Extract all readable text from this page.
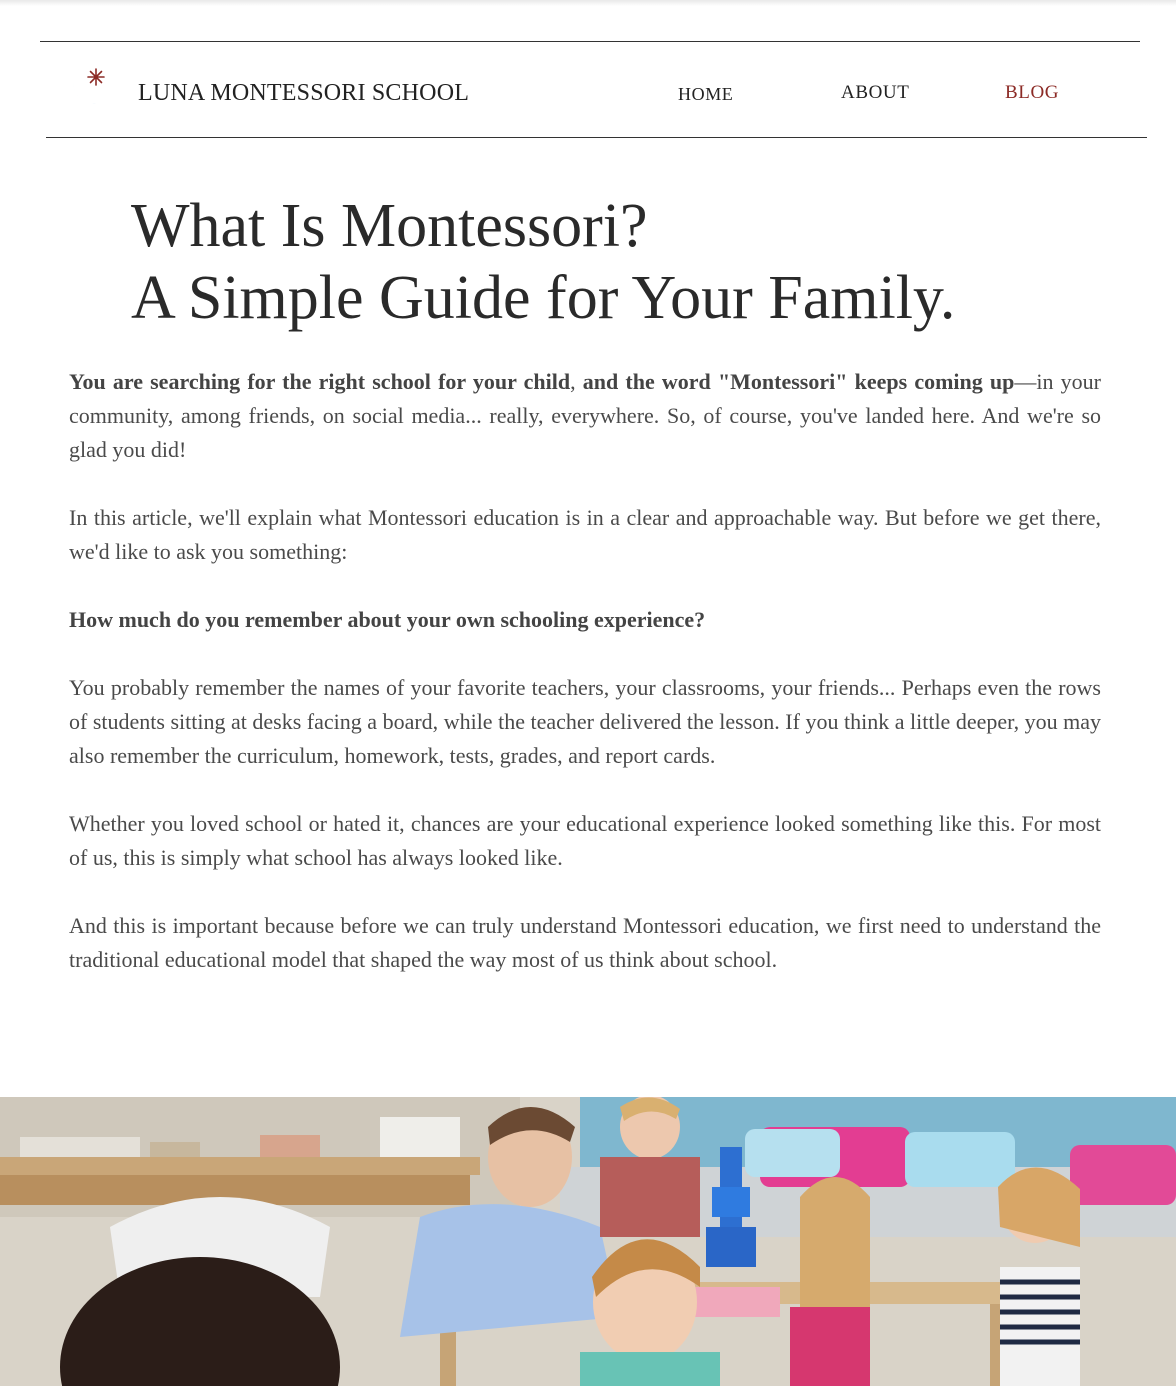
LUNA MONTESSORI SCHOOL	HOME	ABOUT	BLOG
What Is Montessori?
A Simple Guide for Your Family.

You are searching for the right school for your child, and the word "Montessori" keeps coming up—in your community, among friends, on social media... really, everywhere. So, of course, you've landed here. And we're so glad you did!

In this article, we'll explain what Montessori education is in a clear and approachable way. But before we get there, we'd like to ask you something:

How much do you remember about your own schooling experience?

You probably remember the names of your favorite teachers, your classrooms, your friends... Perhaps even the rows of students sitting at desks facing a board, while the teacher delivered the lesson. If you think a little deeper, you may also remember the curriculum, homework, tests, grades, and report cards.

Whether you loved school or hated it, chances are your educational experience looked something like this. For most of us, this is simply what school has always looked like.

And this is important because before we can truly understand Montessori education, we first need to understand the traditional educational model that shaped the way most of us think about school.
